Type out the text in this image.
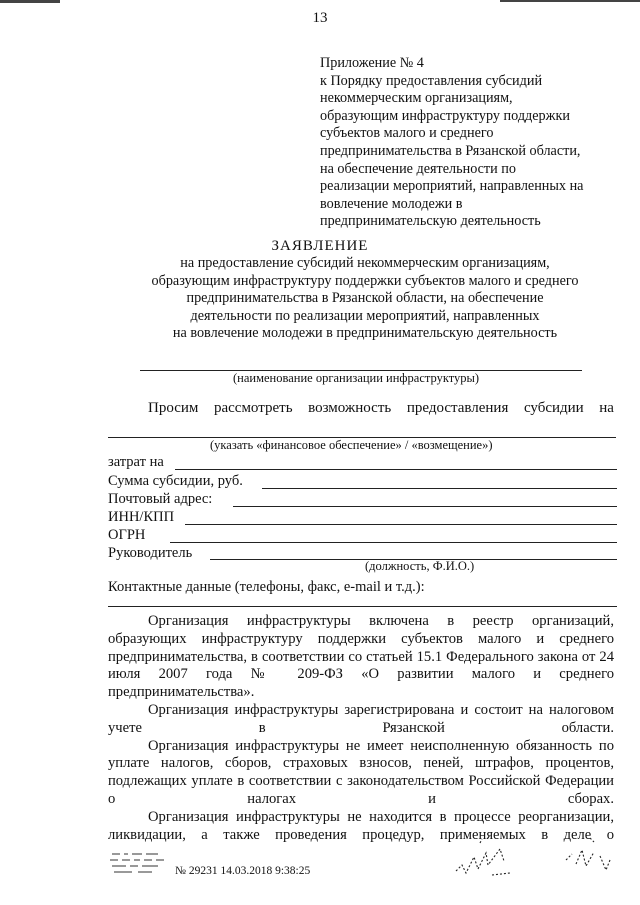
13
Приложение № 4
к Порядку предоставления субсидий
некоммерческим организациям,
образующим инфраструктуру поддержки
субъектов малого и среднего
предпринимательства в Рязанской области,
на обеспечение деятельности по
реализации мероприятий, направленных на
вовлечение молодежи в
предпринимательскую деятельность
ЗАЯВЛЕНИЕ
на предоставление субсидий некоммерческим организациям,
образующим инфраструктуру поддержки субъектов малого и среднего
предпринимательства в Рязанской области, на обеспечение
деятельности по реализации мероприятий, направленных
на вовлечение молодежи в предпринимательскую деятельность
(наименование организации инфраструктуры)
Просим рассмотреть возможность предоставления субсидии на
(указать «финансовое обеспечение» / «возмещение»)
затрат на
Сумма субсидии, руб.
Почтовый адрес:
ИНН/КПП
ОГРН
Руководитель
(должность, Ф.И.О.)
Контактные данные (телефоны, факс, e-mail и т.д.):

Организация инфраструктуры включена в реестр организаций, образующих инфраструктуру поддержки субъектов малого и среднего предпринимательства, в соответствии со статьей 15.1 Федерального закона от 24 июля 2007 года № 209-ФЗ «О развитии малого и среднего предпринимательства».

Организация инфраструктуры зарегистрирована и состоит на налоговом учете в Рязанской области.

Организация инфраструктуры не имеет неисполненную обязанность по уплате налогов, сборов, страховых взносов, пеней, штрафов, процентов, подлежащих уплате в соответствии с законодательством Российской Федерации о налогах и сборах.

Организация инфраструктуры не находится в процессе реорганизации, ликвидации, а также проведения процедур, применяемых в деле о

№ 29231 14.03.2018 9:38:25
